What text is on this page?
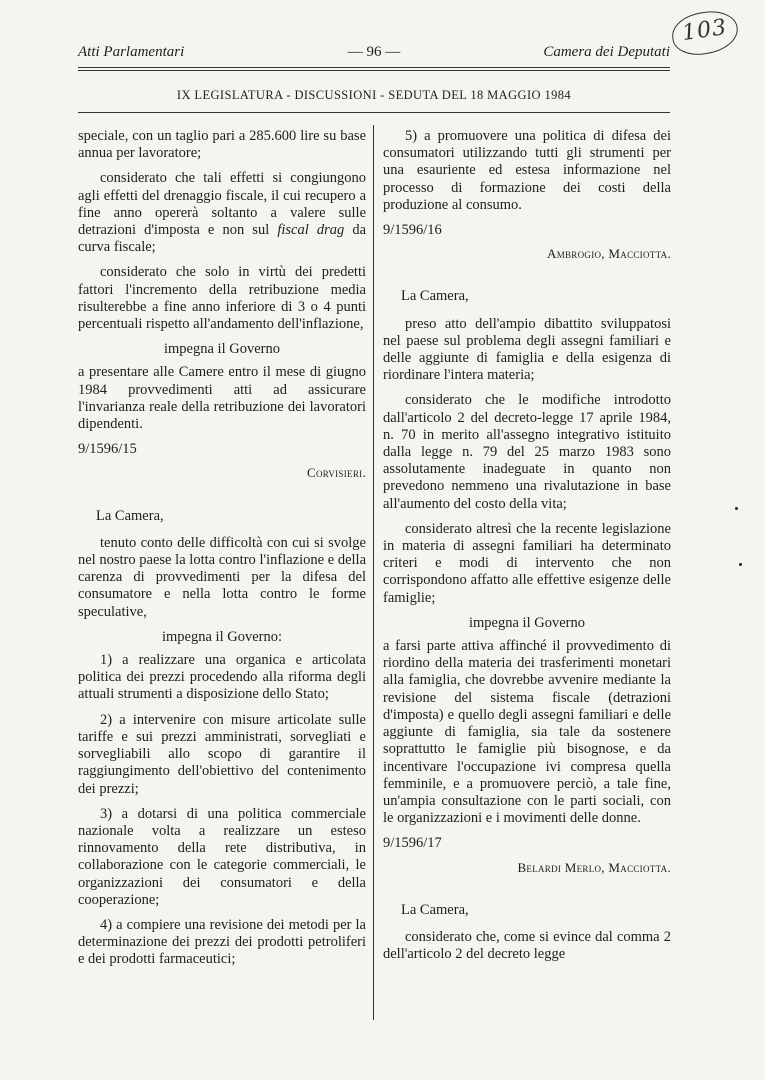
103
Atti Parlamentari	— 96 —	Camera dei Deputati
IX LEGISLATURA - DISCUSSIONI - SEDUTA DEL 18 MAGGIO 1984

speciale, con un taglio pari a 285.600 lire su base annua per lavoratore;

considerato che tali effetti si congiungono agli effetti del drenaggio fiscale, il cui recupero a fine anno opererà soltanto a valere sulle detrazioni d'imposta e non sul fiscal drag da curva fiscale;

considerato che solo in virtù dei predetti fattori l'incremento della retribuzione media risulterebbe a fine anno inferiore di 3 o 4 punti percentuali rispetto all'andamento dell'inflazione,

impegna il Governo

a presentare alle Camere entro il mese di giugno 1984 provvedimenti atti ad assicurare l'invarianza reale della retribuzione dei lavoratori dipendenti.

9/1596/15

Corvisieri.

La Camera,

tenuto conto delle difficoltà con cui si svolge nel nostro paese la lotta contro l'inflazione e della carenza di provvedimenti per la difesa del consumatore e nella lotta contro le forme speculative,

impegna il Governo:

1) a realizzare una organica e articolata politica dei prezzi procedendo alla riforma degli attuali strumenti a disposizione dello Stato;

2) a intervenire con misure articolate sulle tariffe e sui prezzi amministrati, sorvegliati e sorvegliabili allo scopo di garantire il raggiungimento dell'obiettivo del contenimento dei prezzi;

3) a dotarsi di una politica commerciale nazionale volta a realizzare un esteso rinnovamento della rete distributiva, in collaborazione con le categorie commerciali, le organizzazioni dei consumatori e della cooperazione;

4) a compiere una revisione dei metodi per la determinazione dei prezzi dei prodotti petroliferi e dei prodotti farmaceutici;

5) a promuovere una politica di difesa dei consumatori utilizzando tutti gli strumenti per una esauriente ed estesa informazione nel processo di formazione dei costi della produzione al consumo.

9/1596/16

Ambrogio, Macciotta.

La Camera,

preso atto dell'ampio dibattito sviluppatosi nel paese sul problema degli assegni familiari e delle aggiunte di famiglia e della esigenza di riordinare l'intera materia;

considerato che le modifiche introdotto dall'articolo 2 del decreto-legge 17 aprile 1984, n. 70 in merito all'assegno integrativo istituito dalla legge n. 79 del 25 marzo 1983 sono assolutamente inadeguate in quanto non prevedono nemmeno una rivalutazione in base all'aumento del costo della vita;

considerato altresì che la recente legislazione in materia di assegni familiari ha determinato criteri e modi di intervento che non corrispondono affatto alle effettive esigenze delle famiglie;

impegna il Governo

a farsi parte attiva affinché il provvedimento di riordino della materia dei trasferimenti monetari alla famiglia, che dovrebbe avvenire mediante la revisione del sistema fiscale (detrazioni d'imposta) e quello degli assegni familiari e delle aggiunte di famiglia, sia tale da sostenere soprattutto le famiglie più bisognose, e da incentivare l'occupazione ivi compresa quella femminile, e a promuovere perciò, a tale fine, un'ampia consultazione con le parti sociali, con le organizzazioni e i movimenti delle donne.

9/1596/17

Belardi Merlo, Macciotta.

La Camera,

considerato che, come si evince dal comma 2 dell'articolo 2 del decreto legge
